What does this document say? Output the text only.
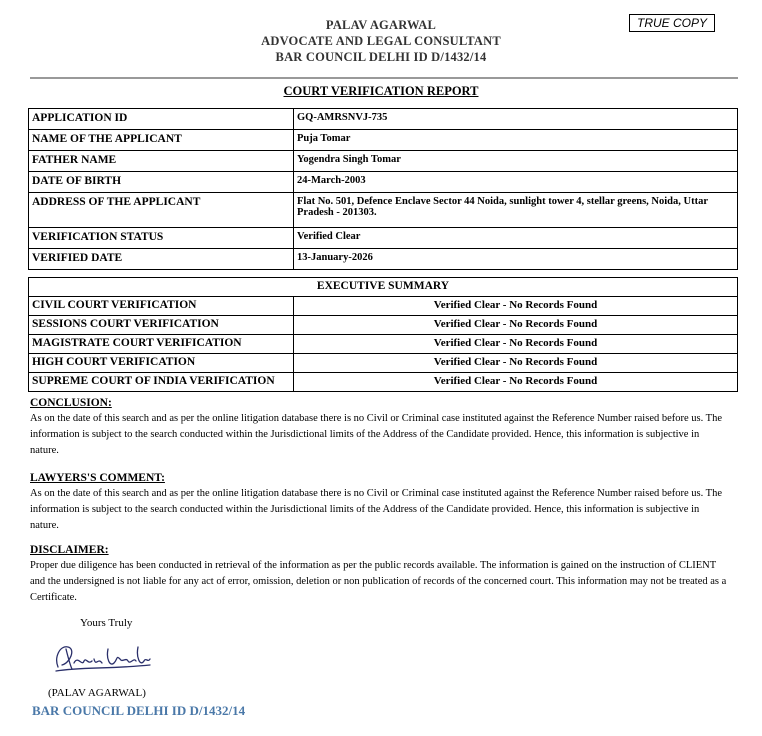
PALAV AGARWAL
ADVOCATE AND LEGAL CONSULTANT
BAR COUNCIL DELHI ID D/1432/14
TRUE COPY
COURT VERIFICATION REPORT
APPLICATION ID	GQ-AMRSNVJ-735
NAME OF THE APPLICANT	Puja Tomar
FATHER NAME	Yogendra Singh Tomar
DATE OF BIRTH	24-March-2003
ADDRESS OF THE APPLICANT	Flat No. 501, Defence Enclave Sector 44 Noida, sunlight tower 4, stellar greens, Noida, Uttar Pradesh - 201303.
VERIFICATION STATUS	Verified Clear
VERIFIED DATE	13-January-2026
EXECUTIVE SUMMARY	
CIVIL COURT VERIFICATION	Verified Clear - No Records Found
SESSIONS COURT VERIFICATION	Verified Clear - No Records Found
MAGISTRATE COURT VERIFICATION	Verified Clear - No Records Found
HIGH COURT VERIFICATION	Verified Clear - No Records Found
SUPREME COURT OF INDIA VERIFICATION	Verified Clear - No Records Found
CONCLUSION:
As on the date of this search and as per the online litigation database there is no Civil or Criminal case instituted against the Reference Number raised before us. The information is subject to the search conducted within the Jurisdictional limits of the Address of the Candidate provided. Hence, this information is subjective in nature.
LAWYERS'S COMMENT:
As on the date of this search and as per the online litigation database there is no Civil or Criminal case instituted against the Reference Number raised before us. The information is subject to the search conducted within the Jurisdictional limits of the Address of the Candidate provided. Hence, this information is subjective in nature.
DISCLAIMER:
Proper due diligence has been conducted in retrieval of the information as per the public records available. The information is gained on the instruction of CLIENT and the undersigned is not liable for any act of error, omission, deletion or non publication of records of the concerned court. This information may not be treated as a Certificate.
Yours Truly
(PALAV AGARWAL)
BAR COUNCIL DELHI ID D/1432/14
